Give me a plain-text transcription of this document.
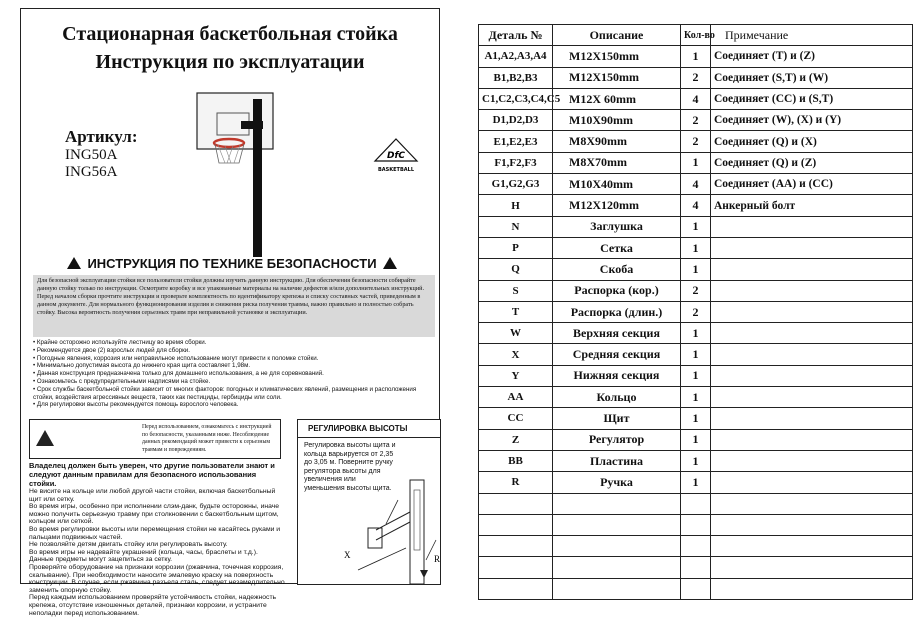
Стационарная баскетбольная стойка
Инструкция по эксплуатации
Артикул:
ING50A
ING56A
DfC
BASKETBALL
ИНСТРУКЦИЯ ПО ТЕХНИКЕ БЕЗОПАСНОСТИ
Для безопасной эксплуатации стойки все пользователи стойки должны изучить данную инструкцию. Для обеспечения безопасности собирайте данную стойку только по инструкции. Осмотрите коробку и все упакованные материалы на наличие дефектов и/или дополнительных инструкций. Перед началом сборки прочтите инструкции и проверьте комплектность по идентификатору крепежа и списку составных частей, приведенным в данном документе. Для нормального функционирования изделия и снижения риска получения травмы, важно правильно и полностью собрать стойку. Высока вероятность получения серьезных травм при неправильной установке и эксплуатации.
• Крайне осторожно используйте лестницу во время сборки.
• Рекомендуется двое (2) взрослых людей для сборки.
• Погодные явления, коррозия или неправильное использование могут привести к поломке стойки.
• Минимально допустимая высота до нижнего края щита составляет 1,98м.
• Данная конструкция предназначена только для домашнего использования, а не для соревнований.
• Ознакомьтесь с предупредительными надписями на стойке.
• Срок службы баскетбольной стойки зависит от многих факторов: погодных и климатических явлений, размещения и расположения стойки, воздействия агрессивных веществ, таких как пестициды, гербициды или соли.
• Для регулировки высоты рекомендуется помощь взрослого человека.
Перед использованием, ознакомьтесь с инструкцией по безопасности, указанными ниже. Несоблюдение данных рекомендаций может привести к серьезным травмам и повреждениям.
Владелец должен быть уверен, что другие пользователи знают и следуют данным правилам для безопасного использования стойки.
Не висите на кольце или любой другой части стойки, включая баскетбольный щит или сетку.
Во время игры, особенно при исполнении слэм-данк, будьте осторожны, иначе можно получить серьезную травму при столкновении с баскетбольным щитом, кольцом или сеткой.
Во время регулировки высоты или перемещения стойки не касайтесь руками и пальцами подвижных частей.
Не позволяйте детям двигать стойку или регулировать высоту.
Во время игры не надевайте украшений (кольца, часы, браслеты и т.д.).
Данные предметы могут зацепиться за сетку.
Проверяйте оборудование на признаки коррозии (ржавчина, точечная коррозия, скалывание). При необходимости наносите эмалевую краску на поверхность конструкции. В случае, если ржавчина разъела сталь, следует незамедлительно заменить опорную стойку.
Перед каждым использованием проверяйте устойчивость стойки, надежность крепежа, отсутствие изношенных деталей, признаки коррозии, и устраните неполадки перед использованием.
РЕГУЛИРОВКА ВЫСОТЫ
Регулировка высоты щита и кольца варьируется от 2,35 до 3,05 м. Поверните ручку регулятора высоты для увеличения или уменьшения высоты щита.
X	R
Деталь №	Описание	Кол-во	Примечание
A1,A2,A3,A4	M12X150mm	1	Соединяет (T) и (Z)
B1,B2,B3	M12X150mm	2	Соединяет (S,T) и (W)
C1,C2,C3,C4,C5	M12X 60mm	4	Соединяет (CC) и (S,T)
D1,D2,D3	M10X90mm	2	Соединяет (W), (X) и (Y)
E1,E2,E3	M8X90mm	2	Соединяет (Q) и (X)
F1,F2,F3	M8X70mm	1	Соединяет (Q) и (Z)
G1,G2,G3	M10X40mm	4	Соединяет (AA) и (CC)
H	M12X120mm	4	Анкерный болт
N	Заглушка	1	
P	Сетка	1	
Q	Скоба	1	
S	Распорка (кор.)	2	
T	Распорка (длин.)	2	
W	Верхняя секция	1	
X	Средняя секция	1	
Y	Нижняя секция	1	
AA	Кольцо	1	
CC	Щит	1	
Z	Регулятор	1	
BB	Пластина	1	
R	Ручка	1	
